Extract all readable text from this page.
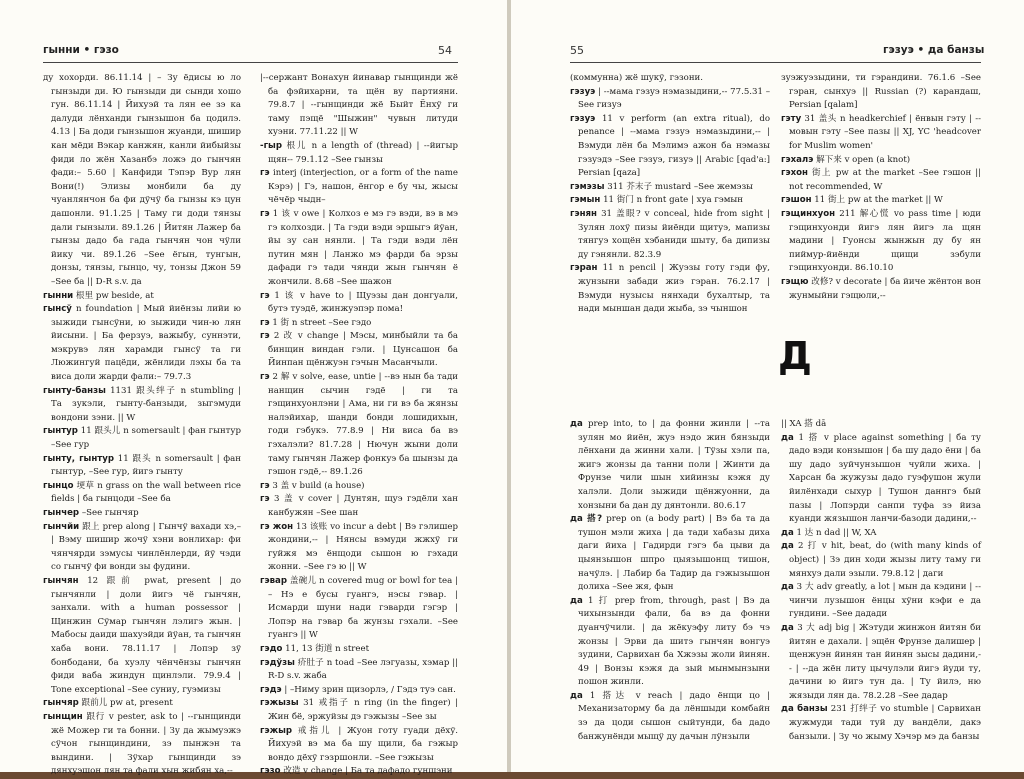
гынни • гэзо	54

ду хохорди. 86.11.14 | – Зу ёдисы ю ло гынзыди ди. Ю гынзыди ди сынди хошо гун. 86.11.14 | Йихуэй та лян ее зэ ка далуди лёнханди гынзышон ба цодилэ. 4.13 | Ба доди гынзышон жуанди, шишир кан мёди Вэкар канжян, канли йибыйзы фиди ло жён Хазанбэ ложэ до гынчян фади:– 5.60 | Канфиди Тэпэр Вур лян Вони(!) Элизы монбили ба ду чуанлянчон ба фи дўчў ба гынзы кэ цун дашонли. 91.1.25 | Таму ги доди тянзы дали гынзыли. 89.1.26 | Йитян Лажер ба гынзы дадо ба гада гынчян чон чўли йику чи. 89.1.26 –See ёгын, тунгын, донзы, тянзы, гынцо, чу, тонзы Джон 59 –See ба || D-R s.v. да

гынни 根里 pw beside, at

гынсў n foundation | Мый йиёнзы лийи ю зыжиди гынсўни, ю зыжиди чин-ю лян йисыни. | Ба ферзуэ, важыбу, суннэти, мэкрувэ лян харамди гынсў та ги Люжингуй пацёди, жёнлиди лэхы ба та виса доли жарди фали:– 79.7.3

гынту-банзы 1131 跟头绊子 n stumbling | Та зукэли, гынту-банзыди, зыгэмуди вондони зэни. || W

гынтур 11 跟头儿 n somersault | фан гынтур –See гур

гынту, гынтур 11 跟头 n somersault | фан гынтур, –See гур, йигэ гынту

гынцо 埂草 n grass on the wall between rice fields | ба гынцоди –See ба

гынчер –See гынчяр

гынчйи 跟上 prep along | Гынчў вахади хэ,– | Вэму шишир жочў хэни вонлихар: фи чянчярди зэмусы чинлёнлерди, йў чэди со гынчў фи вонди зы фудини.

гынчян 12 跟前 pwat, present | до гынчянли | доли йигэ чё гынчян, занхали. with a human possessor | Щинжин Сўмар гынчян лэлигэ жын. | Мабосы даиди шахуэйди йўан, та гынчян хаба вони. 78.11.17 | Лопэр зў бонбодани, ба хуэлу чёнчёнзы гынчян фиди ваба жиндун щинлэли. 79.9.4 | Tone exceptional –See суниу, гуэмизы

гынчяр 跟前儿 pw at, present

гынщин 跟行 v pester, ask to | --гынщинди жё Можер ги та бонни. | Зу да жымуэжэ сўчон гынщиндини, зэ пынжэн та вындини. | Зўхар гынщинди зэ дянхуэшон лян та фали хын жибян ха,--

|--сержант Вонахун йинавар гынщинди жё ба фэйихарни, та щён ву партияни. 79.8.7 | --гынщинди жё Быйт Ёнхў ги таму пэщё "Шыжин" чувын литуди хуэни. 77.11.22 || W

-гыр 根儿 n a length of (thread) | --йигыр щян-- 79.1.12 –See гынзы

гэ interj (interjection, or a form of the name Кэрэ) | Гэ, нашон, ёнгор е бу чы, жысы чёчёр чыдн–

гэ 1 该 v owe | Колхоз е мэ гэ вэди, вэ в мэ гэ колхозди. | Та гэди вэди эршыгэ йўан, йы зу сан нянли. | Та гэди вэди лён путин мян | Ланжо мэ фарди ба эрзы дафади гэ тади чянди жын гынчян ё жончили. 8.68 –See шажон

гэ 1 该 v have to | Щуэзы дан донгуали, бутэ туэдё, жинжуэпэр пома!

гэ 1 街 n street –See гэдо

гэ 2 改 v change | Мэсы, минбыйли та ба бинщин виндан гэли. | Цунсашон ба Йинпан щёнжуэн гэчын Масанчыли.

гэ 2 解 v solve, ease, untie | --вэ нын ба тади нанщин сычин гэдё | ги та гэщинхуонлэни | Ама, ни ги вэ ба жянзы налэйихар, шанди бонди лошидихын, годи гэбукэ. 77.8.9 | Ни виса ба вэ гэхалэли? 81.7.28 | Нючун жыни доли таму гынчян Лажер фонкуэ ба шынзы да гэшон гэдё,-- 89.1.26

гэ 3 盖 v build (a house)

гэ 3 盖 v cover | Дунтян, щуэ гэдёли хан канбужян –See шан

гэ жон 13 该账 vo incur a debt | Вэ гэлишер жондини,-- | Нянсы вэмуди жжхў ги гуйжя мэ ёнщоди сышон ю гэхади жонни. –See гэ ю || W

гэвар 盖碗儿 n covered mug or bowl for tea | – Нэ е бусы гуангэ, нэсы гэвар. | Исмарди шуни нади гэварди гэгэр | Лопэр на гэвар ба жунзы гэхали. –See гуангэ || W

гэдо 11, 13 街道 n street

гэдўзы 疥肚子 n toad –See лэгуазы, хэмар || R-D s.v. жаба

гэдэ | –Ниму зрин щизорлэ, / Гэдэ туэ сан.

гэжызы 31 戒指子 n ring (in the finger) | Жин бё, эржуйзы дэ гэжызы –See зы

гэжыр 戒指儿 | Жуон готу гуади дёхў. Йихуэй вэ ма ба шу щили, ба гэжыр вондо дёхў гэзршонли. –See гэжызы

гэзо 改造 v change | Ба та дафадо гуншэни

55	гэзуэ • да банзы

(коммунна) жё шукў, гэзони.

гэзуэ | --мама гэзуэ нэмазыдини,-- 77.5.31 –See гизуэ

гэзуэ 11 v perform (an extra ritual), do penance | --мама гэзуэ нэмазыдини,-- | Вэмуди лён ба Мэлимэ ажон ба нэмазы гэзуэдэ –See гэзуэ, гизуэ || Arabic [qad'a:] Persian [qaza]

гэмэзы 311 芥末子 mustard –See жемэзы

гэмын 11 街门 n front gate | хуа гэмын

гэнян 31 盖眼? v conceal, hide from sight | Зулян лохў пизы йиёнди щитуэ, мапизы тянгуэ хощён хэбаниди шыту, ба дипизы ду гэнянли. 82.3.9

гэран 11 n pencil | Жуэзы готу гэди фу, жунзыни забади жиэ гэран. 76.2.17 | Вэмуди нузысы нянхади бухалтыр, та нади мыншан дади жыба, зэ чыншон

зуэжуэзыдини, ти гэрандини. 76.1.6 –See гэран, сынхуэ || Russian (?) карандаш, Persian [qalam]

гэту 31 盖头 n headkerchief | ёнвын гэту | --мовын гэту –See пазы || XJ, YC 'headcover for Muslim women'

гэхалэ 解下来 v open (a knot)

гэхон 街上 pw at the market –See гэшон || not recommended, W

гэшон 11 街上 pw at the market || W

гэщинхуон 211 解心慌 vo pass time | юди гэщинхуонди йигэ лян йигэ ла щян мадини | Гуонсы жынжын ду бу ян пиймур-йиёнди щищи зэбули гэщинхуонди. 86.10.10

гэщю 改修? v decorate | ба йиче жёнтон вон жунмыйни гэщюли,--

Д

да prep into, to | да фонни жинли | --та зулян мо йиён, жуэ нэдо жин бянзыди лёнхани да жинни хали. | Тўзы хэли па, жигэ жонзы да танни пoли | Жинти да Фрунзе чили шын хийинзы кэжя ду халэли. Доли зыжиди щёнжуонни, да хонзыни ба дан ду дянтонли. 80.6.17

да 搭? prep on (a body part) | Вэ ба та да тушон мэли жиха | да тади хабазы диха даги йиха | Гадирди гэгэ ба цыви да цыянзышон шпро цыязышонщ тишон, начўлэ. | Лабир ба Тадир да гэжызышон долиха –See жя, фын

да 1 打 prep from, through, past | Вэ да чихынзынди фали, ба вэ да фонни дуанчўчили. | да жёкуэфу литу бэ чэ жонзы | Эрви да шитэ гынчян вонгуэ зудини, Сарвихан ба Хжэзы жоли йинян. 49 | Вонзы кэжя да зый мынмынзыни пошон жинли.

да 1 搭达 v reach | дадо ёнщи цо | Механизаторму ба да лёншыди комбайн зэ да цоди сышон сыйтунди, ба дадо банжунёнди мыщў ду дачын лўнзыли

|| XA 搭 dā

да 1 搭 v place against something | ба ту дадо вэди конзышон | ба шу дадо ёни | ба шу дадо зуйчунзышон чуйли жиха. | Харсан ба жужузы дадо гуэфушон жули йилёнхади сыхур | Тушон даннгэ бый пазы | Лопэрди санпи туфа зэ йиза куанди жязышон ланчи-базоди дадини,--

да 1 达 n dad || W, XA

да 2 打 v hit, beat, do (with many kinds of object) | Зэ дин ходи жызы литу таму ги мянхуэ дали эзыли. 79.8.12 | даги

да 3 大 adv greatly, a lot | мын да кэдини | --чинчи лузышон ёнцы хўни кэфи е да гундини. –See дадади

да 3 大 adj big | Жэтуди жинжон йитян би йитян е дахали. | эщён Фрунзе далишер | щенжуэн йинян тан йинян зысы дадини,-- | --да жён литу цычулэли йигэ йуди ту, дачини ю йигэ тун да. | Ту йилэ, ню жязыди лян да. 78.2.28 –See дадар

да банзы 231 打绊子 vo stumble | Сарвихан жужмуди тади туй ду вандёли, дакэ банзыли. | Зу чо жыму Хэчэр мэ да банзы
